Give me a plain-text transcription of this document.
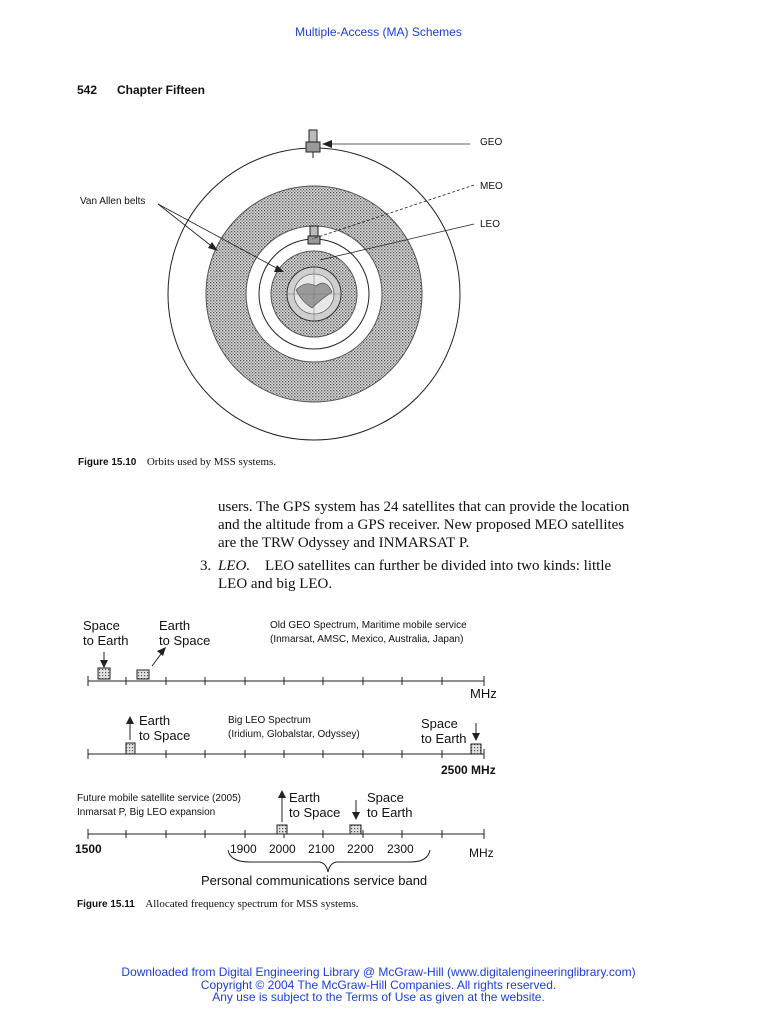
Multiple-Access (MA) Schemes
542 Chapter Fifteen
Van Allen belts
GEO
MEO
LEO
Figure 15.10 Orbits used by MSS systems.
users. The GPS system has 24 satellites that can provide the location
and the altitude from a GPS receiver. New proposed MEO satellites
are the TRW Odyssey and INMARSAT P.
3. LEO. LEO satellites can further be divided into two kinds: little
LEO and big LEO.
Space
to Earth
Earth
to Space
Old GEO Spectrum, Maritime mobile service
(Inmarsat, AMSC, Mexico, Australia, Japan)
MHz
Earth
to Space
Big LEO Spectrum
(Iridium, Globalstar, Odyssey)
Space
to Earth
2500 MHz
Future mobile satellite service (2005)
Inmarsat P, Big LEO expansion
Earth
to Space
Space
to Earth
1500	1900 2000 2100 2200 2300	MHz
Personal communications service band
Figure 15.11 Allocated frequency spectrum for MSS systems.
Downloaded from Digital Engineering Library @ McGraw-Hill (www.digitalengineeringlibrary.com)
Copyright © 2004 The McGraw-Hill Companies. All rights reserved.
Any use is subject to the Terms of Use as given at the website.
